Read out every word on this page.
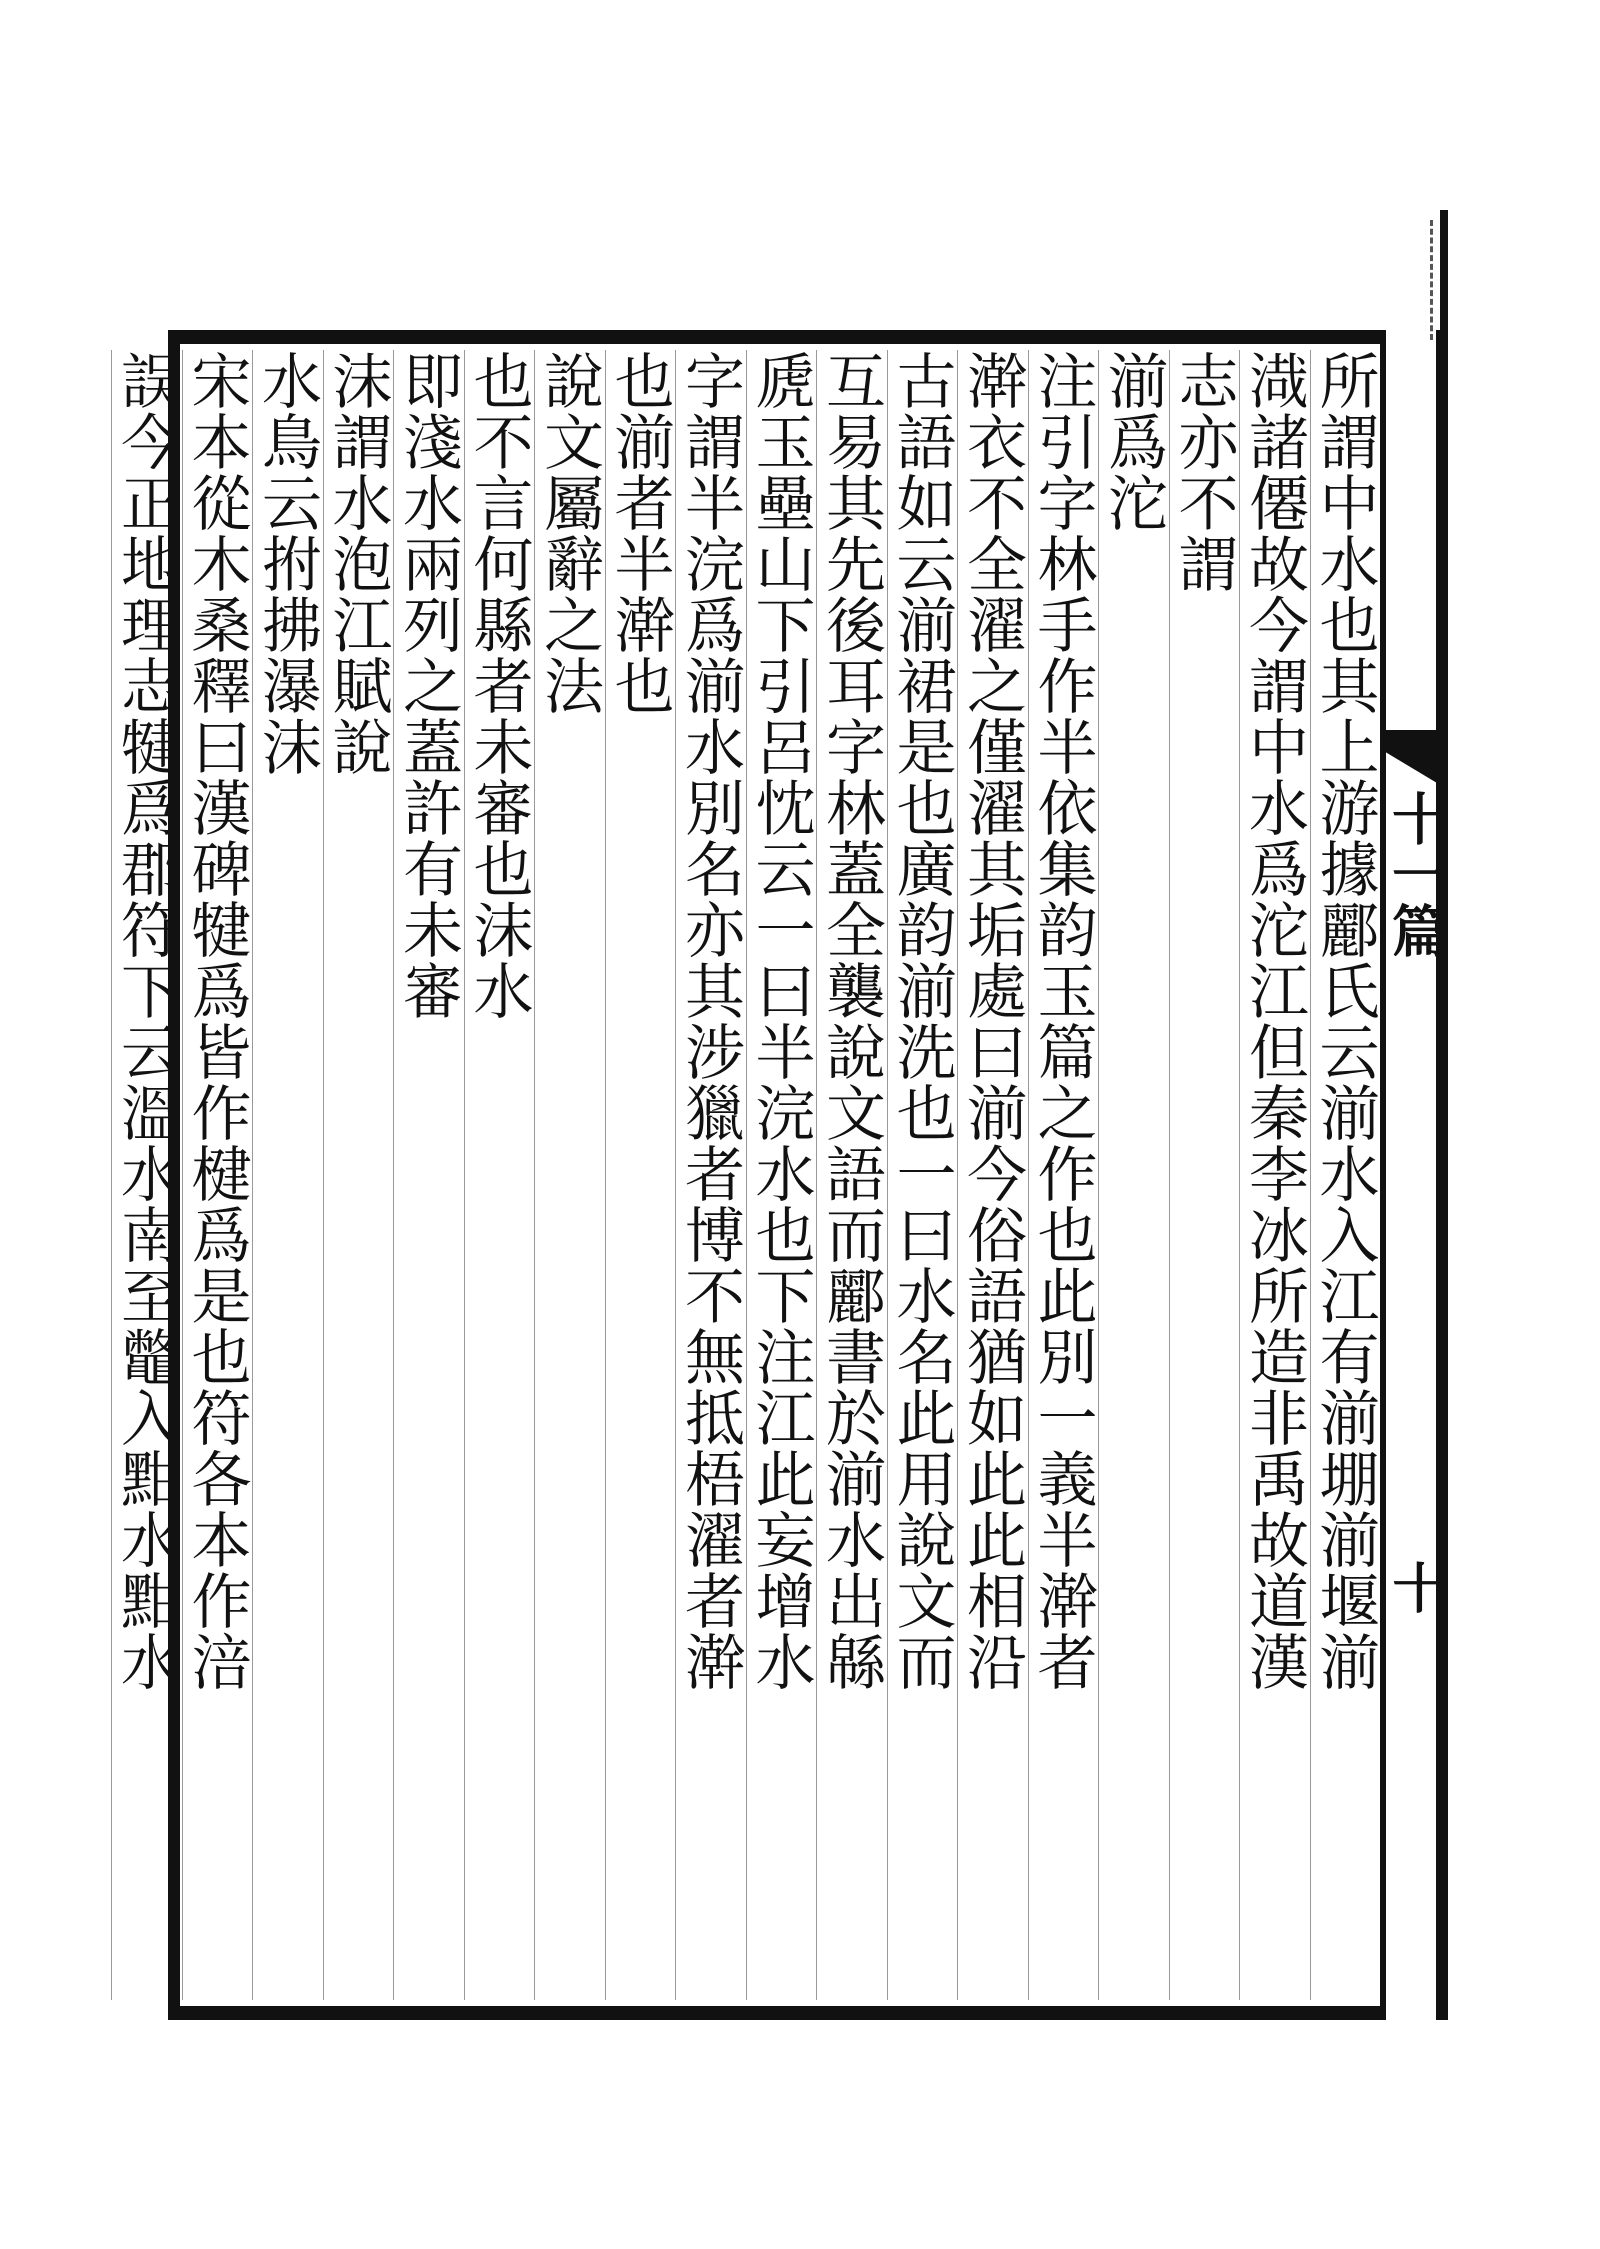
十一篇
十
所謂中水也其上游據酈氏云湔水入江有湔堋湔堰湔
渽諸僊故今謂中水爲沱江但秦李冰所造非禹故道漢
志亦不謂
湔爲沱
注引字林手作半依集韵玉篇之作也此別一義半澣者
澣衣不全濯之僅濯其垢處曰湔今俗語猶如此此相沿
古語如云湔裙是也廣韵湔洗也一曰水名此用說文而
互易其先後耳字林蓋全襲說文語而酈書於湔水出緜
虒玉壘山下引呂忱云一曰半浣水也下注江此妄增水
字謂半浣爲湔水別名亦其涉獵者博不無抵梧濯者澣
也湔者半澣也
說文屬辭之法
也不言何縣者未審也沫水
即淺水兩列之蓋許有未審
沫謂水泡江賦說
水鳥云拊拂瀑沫
宋本從木桑釋曰漢碑犍爲皆作楗爲是也符各本作涪
誤今正地理志犍爲郡符下云溫水南至鼈入黚水黚水
